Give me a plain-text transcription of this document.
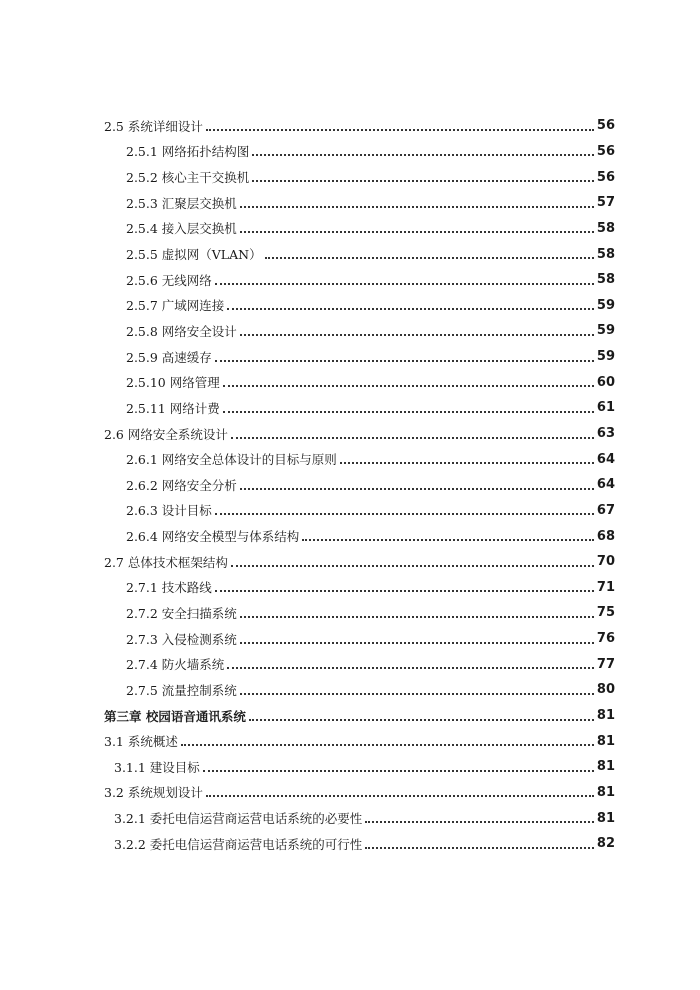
2.5 系统详细设计	56
2.5.1 网络拓扑结构图	56
2.5.2 核心主干交换机	56
2.5.3 汇聚层交换机	57
2.5.4 接入层交换机	58
2.5.5 虚拟网（VLAN）	58
2.5.6 无线网络	58
2.5.7 广域网连接	59
2.5.8 网络安全设计	59
2.5.9 高速缓存	59
2.5.10 网络管理	60
2.5.11 网络计费	61
2.6 网络安全系统设计	63
2.6.1 网络安全总体设计的目标与原则	64
2.6.2 网络安全分析	64
2.6.3 设计目标	67
2.6.4 网络安全模型与体系结构	68
2.7 总体技术框架结构	70
2.7.1 技术路线	71
2.7.2 安全扫描系统	75
2.7.3 入侵检测系统	76
2.7.4 防火墙系统	77
2.7.5 流量控制系统	80
第三章 校园语音通讯系统	81
3.1 系统概述	81
3.1.1 建设目标	81
3.2 系统规划设计	81
3.2.1 委托电信运营商运营电话系统的必要性	81
3.2.2 委托电信运营商运营电话系统的可行性	82
